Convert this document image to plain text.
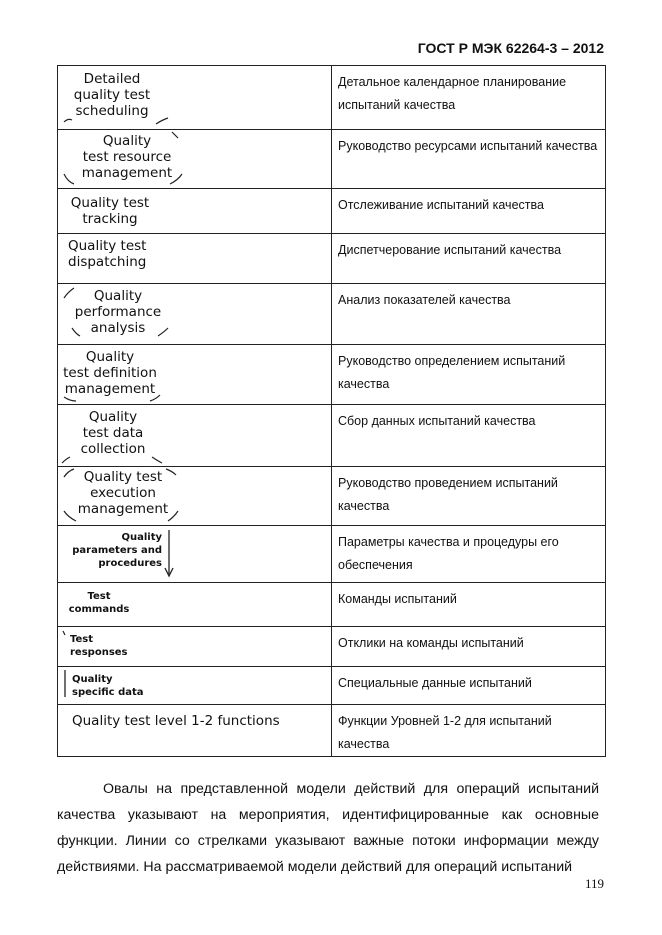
ГОСТ Р МЭК 62264-3 – 2012
Detailed
quality test
scheduling	Детальное календарное планирование испытаний качества

Quality
test resource
management	Руководство ресурсами испытаний качества

Quality test
tracking	Отслеживание испытаний качества

Quality test
dispatching	Диспетчерование испытаний качества

Quality
performance
analysis	Анализ показателей качества

Quality
test definition
management	Руководство определением испытаний качества

Quality
test data
collection	Сбор данных испытаний качества

Quality test
execution
management	Руководство проведением испытаний качества

Quality
parameters and
procedures	Параметры качества и процедуры его обеспечения

Test
commands	Команды испытаний

Test
responses	Отклики на команды испытаний

Quality
specific data	Специальные данные испытаний

Quality test level 1-2 functions	Функции Уровней 1-2 для испытаний качества
Овалы на представленной модели действий для операций испытаний качества указывают на мероприятия, идентифицированные как основные функции. Линии со стрелками указывают важные потоки информации между действиями. На рассматриваемой модели действий для операций испытаний
119
